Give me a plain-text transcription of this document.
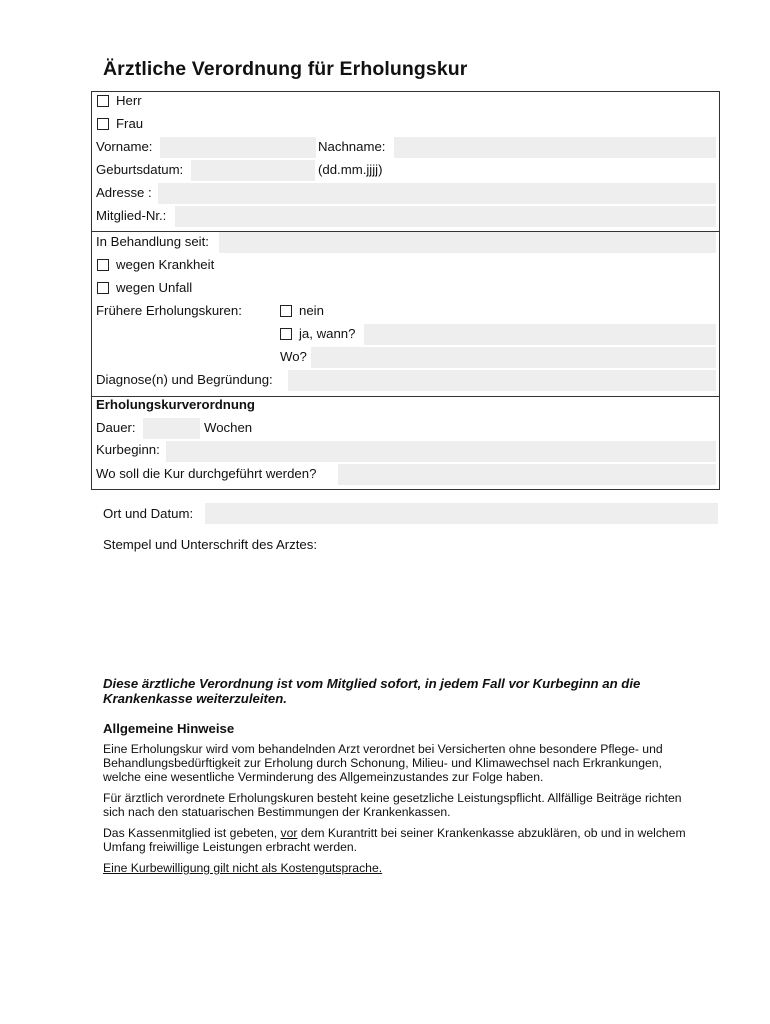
Ärztliche Verordnung für Erholungskur
Herr
Frau
Vorname:	Nachname:
Geburtsdatum:	(dd.mm.jjjj)
Adresse :
Mitglied-Nr.:
In Behandlung seit:
wegen Krankheit
wegen Unfall
Frühere Erholungskuren:	nein
ja, wann?
Wo?
Diagnose(n) und Begründung:
Erholungskurverordnung
Dauer:	Wochen
Kurbeginn:
Wo soll die Kur durchgeführt werden?
Ort und Datum:
Stempel und Unterschrift des Arztes:
Diese ärztliche Verordnung ist vom Mitglied sofort, in jedem Fall vor Kurbeginn an die Krankenkasse weiterzuleiten.
Allgemeine Hinweise
Eine Erholungskur wird vom behandelnden Arzt verordnet bei Versicherten ohne besondere Pflege- und Behandlungsbedürftigkeit zur Erholung durch Schonung, Milieu- und Klimawechsel nach Erkrankungen, welche eine wesentliche Verminderung des Allgemeinzustandes zur Folge haben.
Für ärztlich verordnete Erholungskuren besteht keine gesetzliche Leistungspflicht. Allfällige Beiträge richten sich nach den statuarischen Bestimmungen der Krankenkassen.
Das Kassenmitglied ist gebeten, vor dem Kurantritt bei seiner Krankenkasse abzuklären, ob und in welchem Umfang freiwillige Leistungen erbracht werden.
Eine Kurbewilligung gilt nicht als Kostengutsprache.
